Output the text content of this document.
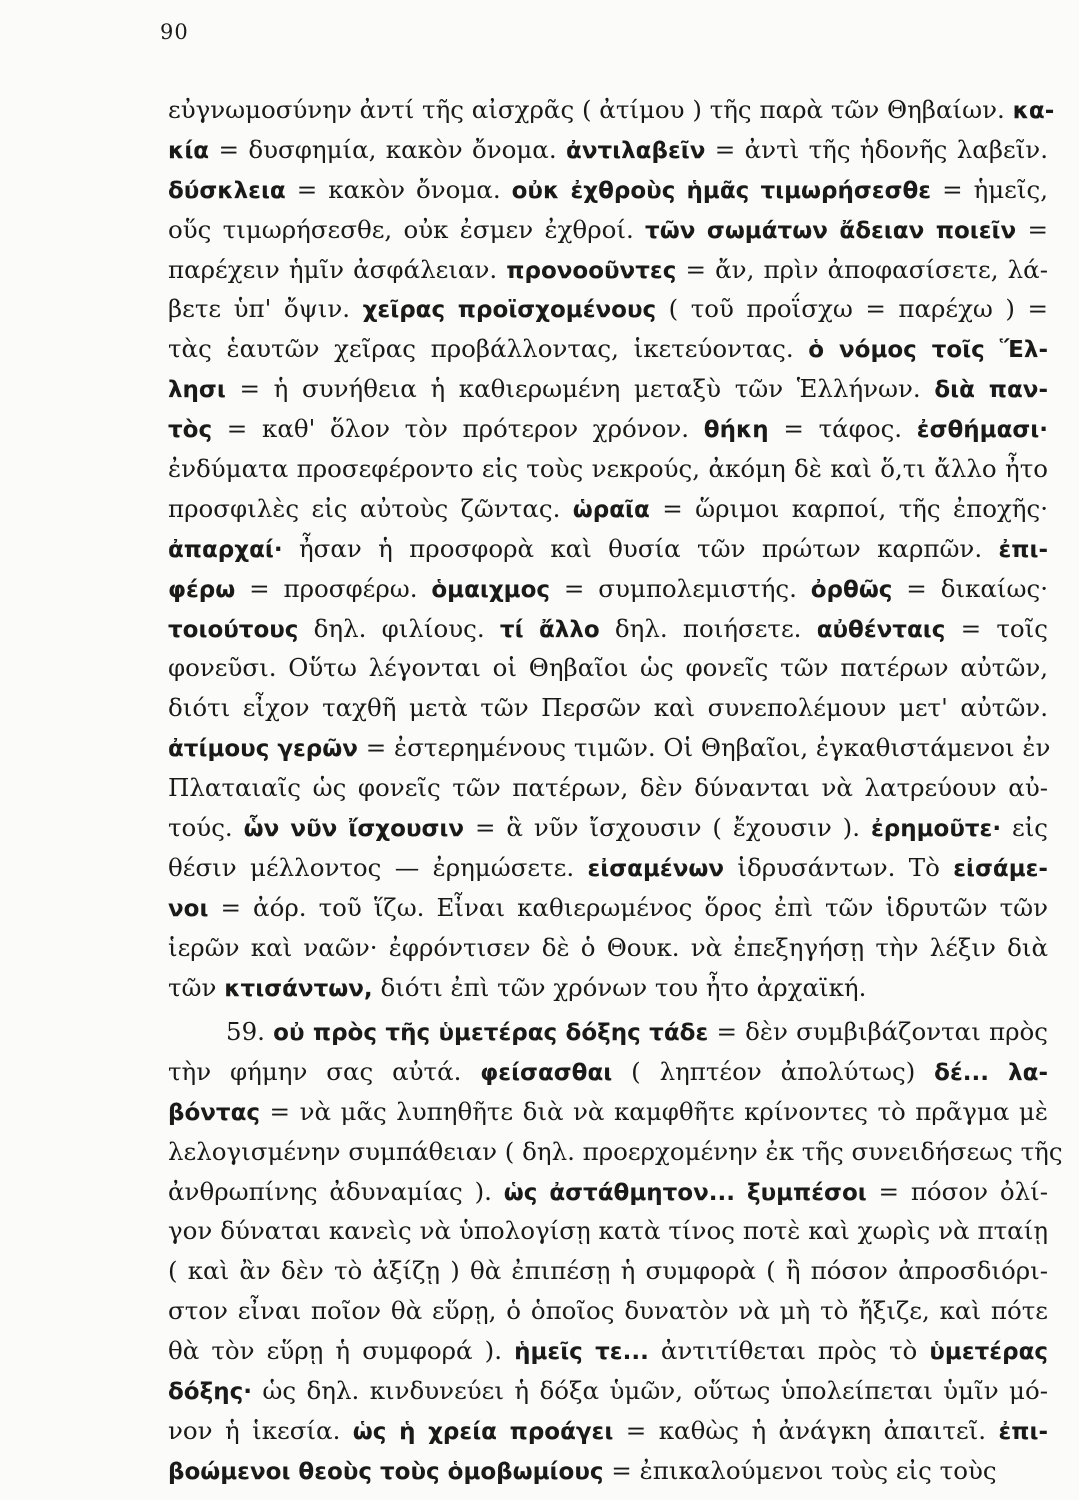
90
εὐγνωμοσύνην ἀντί τῆς αἰσχρᾶς ( ἀτίμου ) τῆς παρὰ τῶν Θηβαίων. κα-
κία = δυσφημία, κακὸν ὄνομα. ἀντιλαβεῖν = ἀντὶ τῆς ἡδονῆς λαβεῖν.
δύσκλεια = κακὸν ὄνομα. οὐκ ἐχθροὺς ἡμᾶς τιμωρήσεσθε = ἡμεῖς,
οὕς τιμωρήσεσθε, οὐκ ἐσμεν ἐχθροί. τῶν σωμάτων ἄδειαν ποιεῖν =
παρέχειν ἡμῖν ἀσφάλειαν. προνοοῦντες = ἄν, πρὶν ἀποφασίσετε, λά-
βετε ὑπ' ὄψιν. χεῖρας προϊσχομένους ( τοῦ προΐσχω = παρέχω ) =
τὰς ἑαυτῶν χεῖρας προβάλλοντας, ἱκετεύοντας. ὁ νόμος τοῖς Ἕλ-
λησι = ἡ συνήθεια ἡ καθιερωμένη μεταξὺ τῶν Ἑλλήνων. διὰ παν-
τὸς = καθ' ὅλον τὸν πρότερον χρόνον. θήκη = τάφος. ἐσθήμασι·
ἐνδύματα προσεφέροντο εἰς τοὺς νεκρούς, ἀκόμη δὲ καὶ ὅ,τι ἄλλο ἦτο
προσφιλὲς εἰς αὐτοὺς ζῶντας. ὡραῖα = ὥριμοι καρποί, τῆς ἐποχῆς·
ἀπαρχαί· ἦσαν ἡ προσφορὰ καὶ θυσία τῶν πρώτων καρπῶν. ἐπι-
φέρω = προσφέρω. ὁμαιχμος = συμπολεμιστής. ὀρθῶς = δικαίως·
τοιούτους δηλ. φιλίους. τί ἄλλο δηλ. ποιήσετε. αὐθένταις = τοῖς
φονεῦσι. Οὕτω λέγονται οἱ Θηβαῖοι ὡς φονεῖς τῶν πατέρων αὐτῶν,
διότι εἶχον ταχθῆ μετὰ τῶν Περσῶν καὶ συνεπολέμουν μετ' αὐτῶν.
ἀτίμους γερῶν = ἐστερημένους τιμῶν. Οἱ Θηβαῖοι, ἐγκαθιστάμενοι ἐν
Πλαταιαῖς ὡς φονεῖς τῶν πατέρων, δὲν δύνανται νὰ λατρεύουν αὐ-
τούς. ὧν νῦν ἴσχουσιν = ἃ νῦν ἴσχουσιν ( ἔχουσιν ). ἐρημοῦτε· εἰς
θέσιν μέλλοντος — ἐρημώσετε. εἰσαμένων ἱδρυσάντων. Τὸ εἰσάμε-
νοι = ἀόρ. τοῦ ἵζω. Εἶναι καθιερωμένος ὅρος ἐπὶ τῶν ἱδρυτῶν τῶν
ἱερῶν καὶ ναῶν· ἐφρόντισεν δὲ ὁ Θουκ. νὰ ἐπεξηγήσῃ τὴν λέξιν διὰ
τῶν κτισάντων, διότι ἐπὶ τῶν χρόνων του ἦτο ἀρχαϊκή.
59. οὐ πρὸς τῆς ὑμετέρας δόξης τάδε = δὲν συμβιβάζονται πρὸς
τὴν φήμην σας αὐτά. φείσασθαι ( ληπτέον ἀπολύτως) δέ... λα-
βόντας = νὰ μᾶς λυπηθῆτε διὰ νὰ καμφθῆτε κρίνοντες τὸ πρᾶγμα μὲ
λελογισμένην συμπάθειαν ( δηλ. προερχομένην ἐκ τῆς συνειδήσεως τῆς
ἀνθρωπίνης ἀδυναμίας ). ὡς ἀστάθμητον... ξυμπέσοι = πόσον ὀλί-
γον δύναται κανεὶς νὰ ὑπολογίσῃ κατὰ τίνος ποτὲ καὶ χωρὶς νὰ πταίῃ
( καὶ ἂν δὲν τὸ ἀξίζῃ ) θὰ ἐπιπέσῃ ἡ συμφορὰ ( ἢ πόσον ἀπροσδιόρι-
στον εἶναι ποῖον θὰ εὕρῃ, ὁ ὁποῖος δυνατὸν νὰ μὴ τὸ ἤξιζε, καὶ πότε
θὰ τὸν εὕρῃ ἡ συμφορά ). ἡμεῖς τε... ἀντιτίθεται πρὸς τὸ ὑμετέρας
δόξης· ὡς δηλ. κινδυνεύει ἡ δόξα ὑμῶν, οὕτως ὑπολείπεται ὑμῖν μό-
νον ἡ ἱκεσία. ὡς ἡ χρεία προάγει = καθὼς ἡ ἀνάγκη ἀπαιτεῖ. ἐπι-
βοώμενοι θεοὺς τοὺς ὁμοβωμίους = ἐπικαλούμενοι τοὺς εἰς τοὺς
